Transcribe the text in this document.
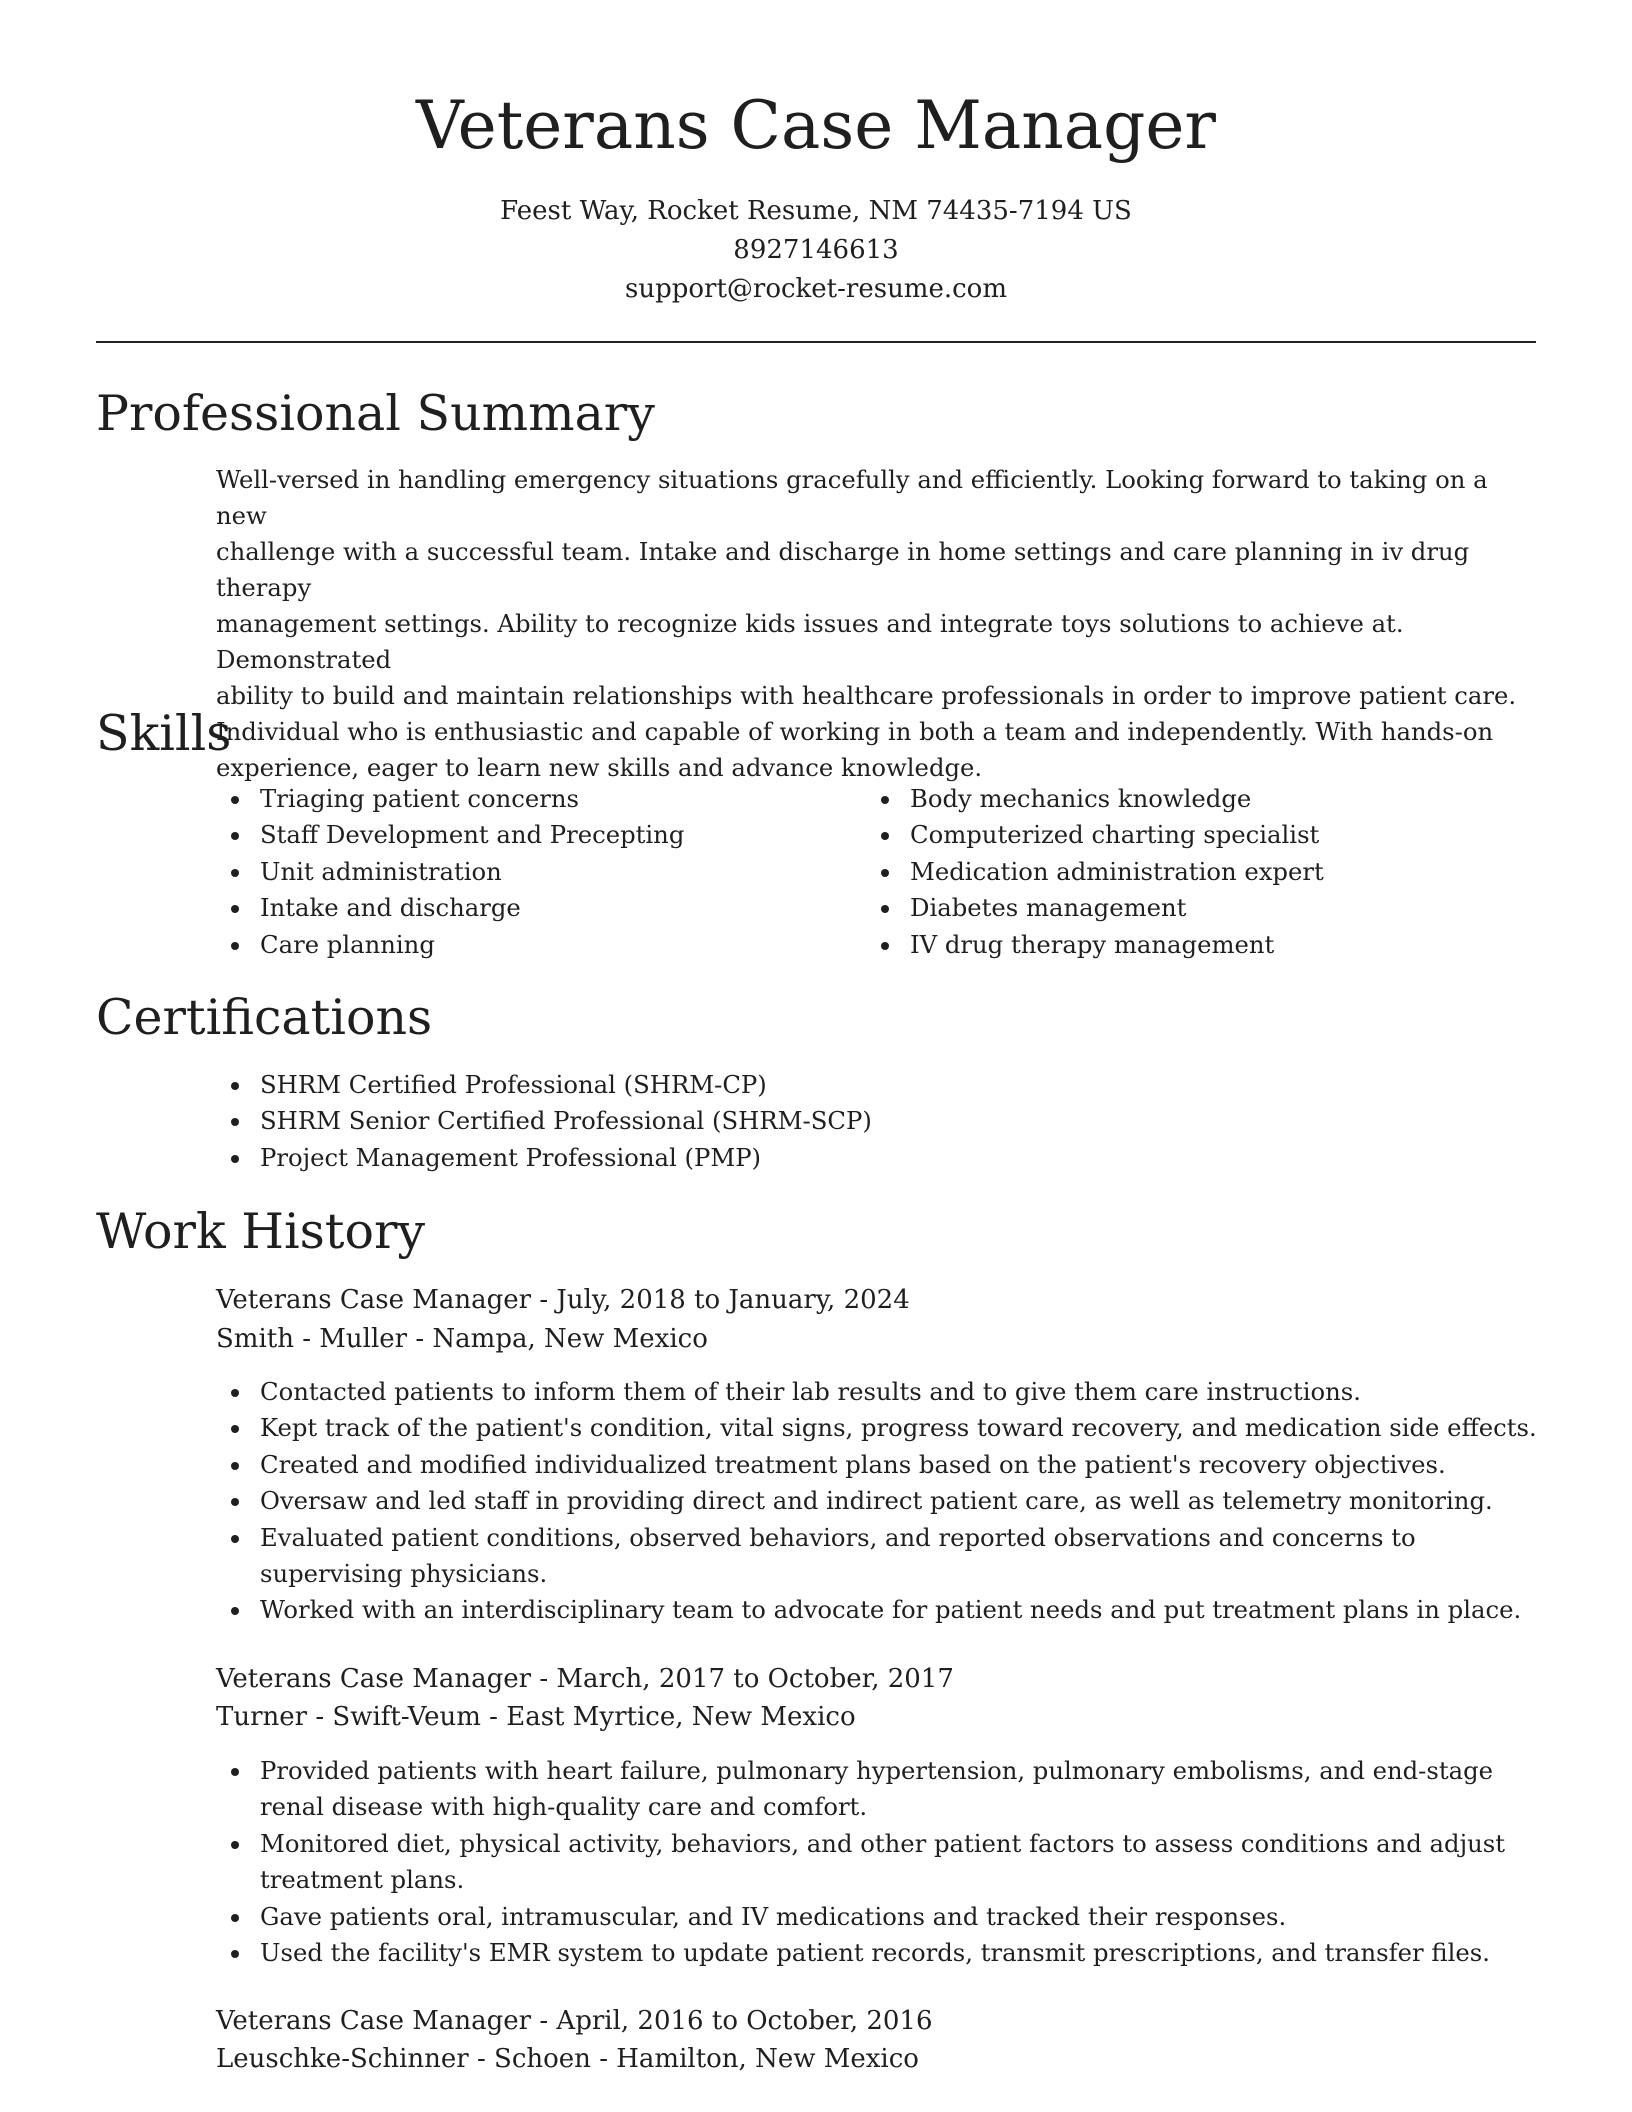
Veterans Case Manager
Feest Way, Rocket Resume, NM 74435-7194 US
8927146613
support@rocket-resume.com
Professional Summary
Well-versed in handling emergency situations gracefully and efficiently. Looking forward to taking on a new
challenge with a successful team. Intake and discharge in home settings and care planning in iv drug therapy
management settings. Ability to recognize kids issues and integrate toys solutions to achieve at. Demonstrated
ability to build and maintain relationships with healthcare professionals in order to improve patient care.
Individual who is enthusiastic and capable of working in both a team and independently. With hands-on
experience, eager to learn new skills and advance knowledge.
Skills
Triaging patient concerns
Staff Development and Precepting
Unit administration
Intake and discharge
Care planning
Body mechanics knowledge
Computerized charting specialist
Medication administration expert
Diabetes management
IV drug therapy management
Certifications
SHRM Certified Professional (SHRM-CP)
SHRM Senior Certified Professional (SHRM-SCP)
Project Management Professional (PMP)
Work History
Veterans Case Manager - July, 2018 to January, 2024
Smith - Muller - Nampa, New Mexico
Contacted patients to inform them of their lab results and to give them care instructions.
Kept track of the patient's condition, vital signs, progress toward recovery, and medication side effects.
Created and modified individualized treatment plans based on the patient's recovery objectives.
Oversaw and led staff in providing direct and indirect patient care, as well as telemetry monitoring.
Evaluated patient conditions, observed behaviors, and reported observations and concerns to supervising physicians.
Worked with an interdisciplinary team to advocate for patient needs and put treatment plans in place.
Veterans Case Manager - March, 2017 to October, 2017
Turner - Swift-Veum - East Myrtice, New Mexico
Provided patients with heart failure, pulmonary hypertension, pulmonary embolisms, and end-stage renal disease with high-quality care and comfort.
Monitored diet, physical activity, behaviors, and other patient factors to assess conditions and adjust treatment plans.
Gave patients oral, intramuscular, and IV medications and tracked their responses.
Used the facility's EMR system to update patient records, transmit prescriptions, and transfer files.
Veterans Case Manager - April, 2016 to October, 2016
Leuschke-Schinner - Schoen - Hamilton, New Mexico
